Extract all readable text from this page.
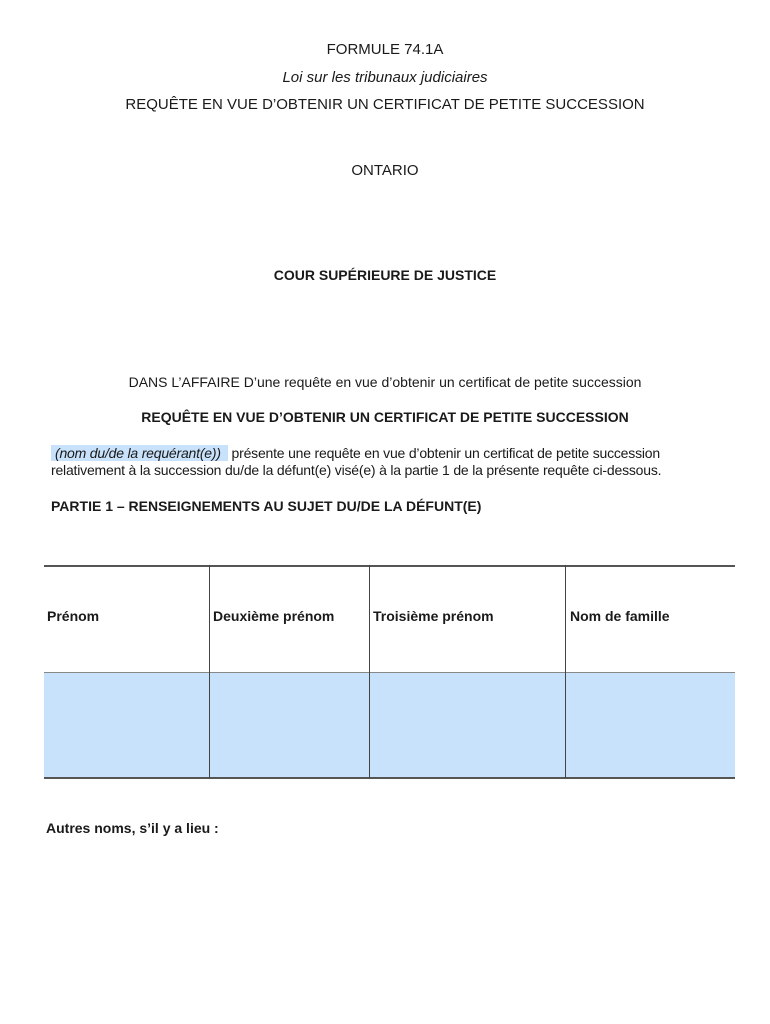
FORMULE 74.1A
Loi sur les tribunaux judiciaires
REQUÊTE EN VUE D’OBTENIR UN CERTIFICAT DE PETITE SUCCESSION
ONTARIO
COUR SUPÉRIEURE DE JUSTICE
DANS L’AFFAIRE D’une requête en vue d’obtenir un certificat de petite succession
REQUÊTE EN VUE D’OBTENIR UN CERTIFICAT DE PETITE SUCCESSION
(nom du/de la requérant(e)) présente une requête en vue d’obtenir un certificat de petite succession
relativement à la succession du/de la défunt(e) visé(e) à la partie 1 de la présente requête ci-dessous.
PARTIE 1 – RENSEIGNEMENTS AU SUJET DU/DE LA DÉFUNT(E)
Prénom	Deuxième prénom	Troisième prénom	Nom de famille
Autres noms, s’il y a lieu :
